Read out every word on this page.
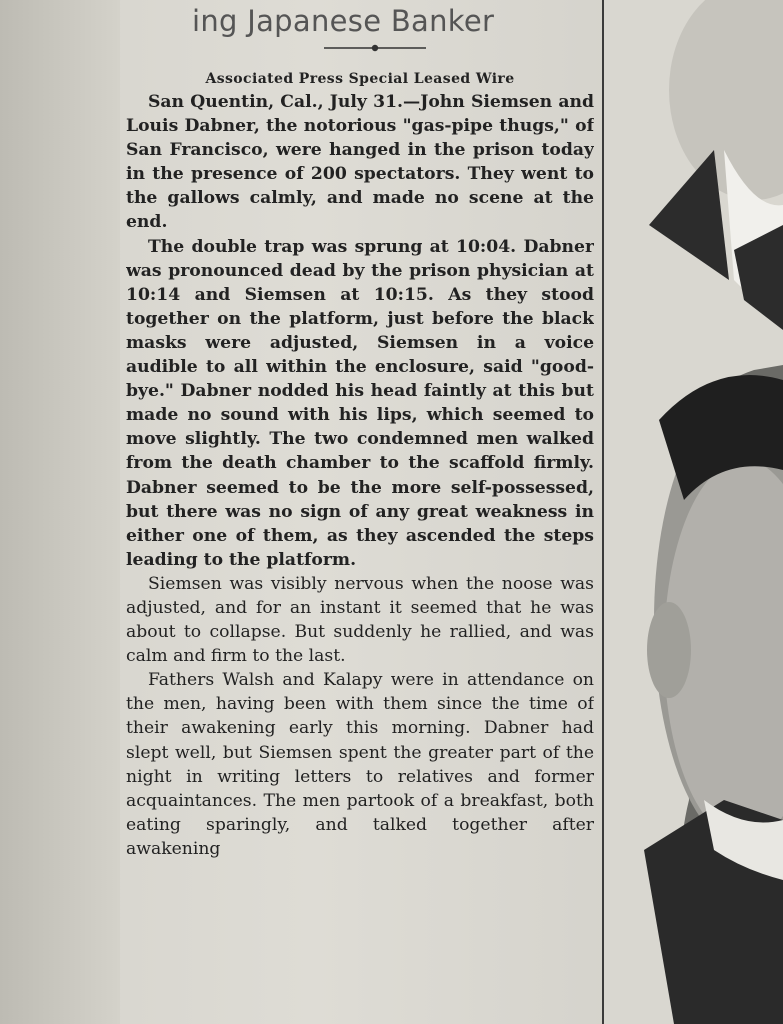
ing Japanese Banker
Associated Press Special Leased Wire

San Quentin, Cal., July 31.—John Siemsen and Louis Dabner, the notorious "gas-pipe thugs," of San Francisco, were hanged in the prison today in the presence of 200 spectators. They went to the gallows calmly, and made no scene at the end.

The double trap was sprung at 10:04. Dabner was pronounced dead by the prison physician at 10:14 and Siemsen at 10:15. As they stood together on the platform, just before the black masks were adjusted, Siemsen in a voice audible to all within the enclosure, said "good-bye." Dabner nodded his head faintly at this but made no sound with his lips, which seemed to move slightly. The two condemned men walked from the death chamber to the scaffold firmly. Dabner seemed to be the more self-possessed, but there was no sign of any great weakness in either one of them, as they ascended the steps leading to the platform.

Siemsen was visibly nervous when the noose was adjusted, and for an instant it seemed that he was about to collapse. But suddenly he rallied, and was calm and firm to the last.

Fathers Walsh and Kalapy were in attendance on the men, having been with them since the time of their awakening early this morning. Dabner had slept well, but Siemsen spent the greater part of the night in writing letters to relatives and former acquaintances. The men partook of a breakfast, both eating sparingly, and talked together after awakening
